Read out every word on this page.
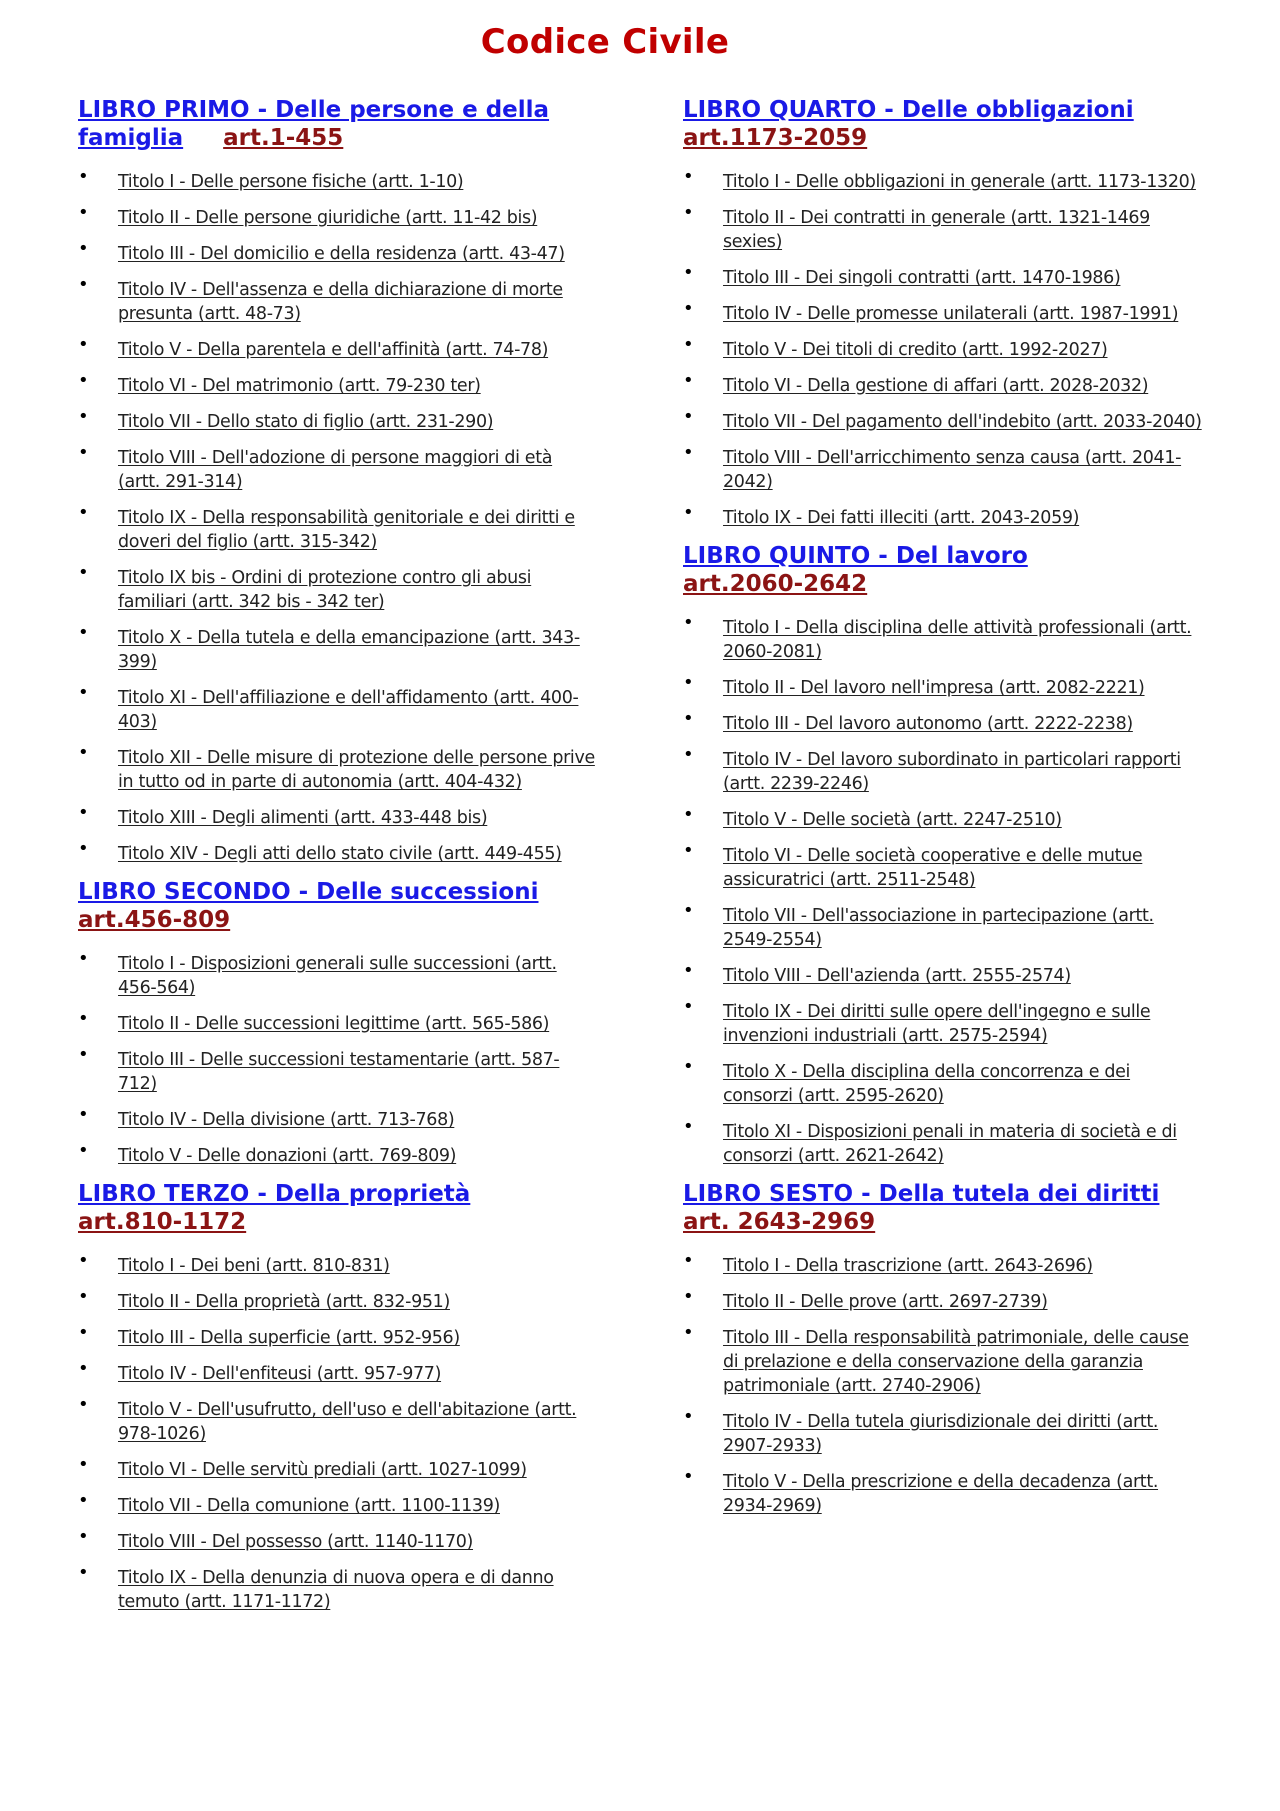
Codice Civile
LIBRO PRIMO - Delle persone e della famiglia art.1-455
• Titolo I - Delle persone fisiche (artt. 1-10)
• Titolo II - Delle persone giuridiche (artt. 11-42 bis)
• Titolo III - Del domicilio e della residenza (artt. 43-47)
• Titolo IV - Dell'assenza e della dichiarazione di morte presunta (artt. 48-73)
• Titolo V - Della parentela e dell'affinità (artt. 74-78)
• Titolo VI - Del matrimonio (artt. 79-230 ter)
• Titolo VII - Dello stato di figlio (artt. 231-290)
• Titolo VIII - Dell'adozione di persone maggiori di età (artt. 291-314)
• Titolo IX - Della responsabilità genitoriale e dei diritti e doveri del figlio (artt. 315-342)
• Titolo IX bis - Ordini di protezione contro gli abusi familiari (artt. 342 bis - 342 ter)
• Titolo X - Della tutela e della emancipazione (artt. 343-399)
• Titolo XI - Dell'affiliazione e dell'affidamento (artt. 400-403)
• Titolo XII - Delle misure di protezione delle persone prive in tutto od in parte di autonomia (artt. 404-432)
• Titolo XIII - Degli alimenti (artt. 433-448 bis)
• Titolo XIV - Degli atti dello stato civile (artt. 449-455)
LIBRO SECONDO - Delle successioni
art.456-809
• Titolo I - Disposizioni generali sulle successioni (artt. 456-564)
• Titolo II - Delle successioni legittime (artt. 565-586)
• Titolo III - Delle successioni testamentarie (artt. 587-712)
• Titolo IV - Della divisione (artt. 713-768)
• Titolo V - Delle donazioni (artt. 769-809)
LIBRO TERZO - Della proprietà
art.810-1172
• Titolo I - Dei beni (artt. 810-831)
• Titolo II - Della proprietà (artt. 832-951)
• Titolo III - Della superficie (artt. 952-956)
• Titolo IV - Dell'enfiteusi (artt. 957-977)
• Titolo V - Dell'usufrutto, dell'uso e dell'abitazione (artt. 978-1026)
• Titolo VI - Delle servitù prediali (artt. 1027-1099)
• Titolo VII - Della comunione (artt. 1100-1139)
• Titolo VIII - Del possesso (artt. 1140-1170)
• Titolo IX - Della denunzia di nuova opera e di danno temuto (artt. 1171-1172)
LIBRO QUARTO - Delle obbligazioni
art.1173-2059
• Titolo I - Delle obbligazioni in generale (artt. 1173-1320)
• Titolo II - Dei contratti in generale (artt. 1321-1469 sexies)
• Titolo III - Dei singoli contratti (artt. 1470-1986)
• Titolo IV - Delle promesse unilaterali (artt. 1987-1991)
• Titolo V - Dei titoli di credito (artt. 1992-2027)
• Titolo VI - Della gestione di affari (artt. 2028-2032)
• Titolo VII - Del pagamento dell'indebito (artt. 2033-2040)
• Titolo VIII - Dell'arricchimento senza causa (artt. 2041-2042)
• Titolo IX - Dei fatti illeciti (artt. 2043-2059)
LIBRO QUINTO - Del lavoro
art.2060-2642
• Titolo I - Della disciplina delle attività professionali (artt. 2060-2081)
• Titolo II - Del lavoro nell'impresa (artt. 2082-2221)
• Titolo III - Del lavoro autonomo (artt. 2222-2238)
• Titolo IV - Del lavoro subordinato in particolari rapporti (artt. 2239-2246)
• Titolo V - Delle società (artt. 2247-2510)
• Titolo VI - Delle società cooperative e delle mutue assicuratrici (artt. 2511-2548)
• Titolo VII - Dell'associazione in partecipazione (artt. 2549-2554)
• Titolo VIII - Dell'azienda (artt. 2555-2574)
• Titolo IX - Dei diritti sulle opere dell'ingegno e sulle invenzioni industriali (artt. 2575-2594)
• Titolo X - Della disciplina della concorrenza e dei consorzi (artt. 2595-2620)
• Titolo XI - Disposizioni penali in materia di società e di consorzi (artt. 2621-2642)
LIBRO SESTO - Della tutela dei diritti
art. 2643-2969
• Titolo I - Della trascrizione (artt. 2643-2696)
• Titolo II - Delle prove (artt. 2697-2739)
• Titolo III - Della responsabilità patrimoniale, delle cause di prelazione e della conservazione della garanzia patrimoniale (artt. 2740-2906)
• Titolo IV - Della tutela giurisdizionale dei diritti (artt. 2907-2933)
• Titolo V - Della prescrizione e della decadenza (artt. 2934-2969)
